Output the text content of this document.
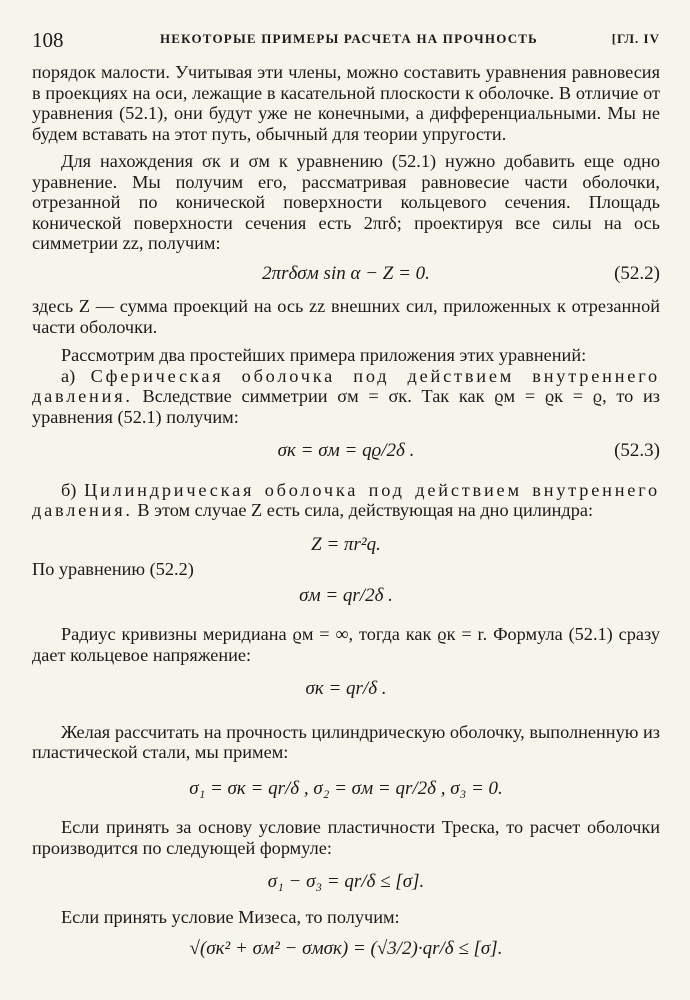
108	НЕКОТОРЫЕ ПРИМЕРЫ РАСЧЕТА НА ПРОЧНОСТЬ	[ГЛ. IV

порядок малости. Учитывая эти члены, можно составить уравнения равновесия в проекциях на оси, лежащие в касательной плоскости к оболочке. В отличие от уравнения (52.1), они будут уже не конечными, а дифференциальными. Мы не будем вставать на этот путь, обычный для теории упругости.

Для нахождения σк и σм к уравнению (52.1) нужно добавить еще одно уравнение. Мы получим его, рассматривая равновесие части оболочки, отрезанной по конической поверхности кольцевого сечения. Площадь конической поверхности сечения есть 2πrδ; проектируя все силы на ось симметрии zz, получим:

2πrδσм sin α − Z = 0.	(52.2)

здесь Z — сумма проекций на ось zz внешних сил, приложенных к отрезанной части оболочки.

Рассмотрим два простейших примера приложения этих уравнений:

а) Сферическая оболочка под действием внутреннего давления. Вследствие симметрии σм = σк. Так как ϱм = ϱк = ϱ, то из уравнения (52.1) получим:

σк = σм = qϱ/2δ .	(52.3)

б) Цилиндрическая оболочка под действием внутреннего давления. В этом случае Z есть сила, действующая на дно цилиндра:

Z = πr²q.

По уравнению (52.2)

σм = qr/2δ .

Радиус кривизны меридиана ϱм = ∞, тогда как ϱк = r. Формула (52.1) сразу дает кольцевое напряжение:

σк = qr/δ .

Желая рассчитать на прочность цилиндрическую оболочку, выполненную из пластической стали, мы примем:

σ₁ = σк = qr/δ , σ₂ = σм = qr/2δ , σ₃ = 0.

Если принять за основу условие пластичности Треска, то расчет оболочки производится по следующей формуле:

σ₁ − σ₃ = qr/δ ≤ [σ].

Если принять условие Мизеса, то получим:

√(σк² + σм² − σмσк) = (√3/2)·qr/δ ≤ [σ].
